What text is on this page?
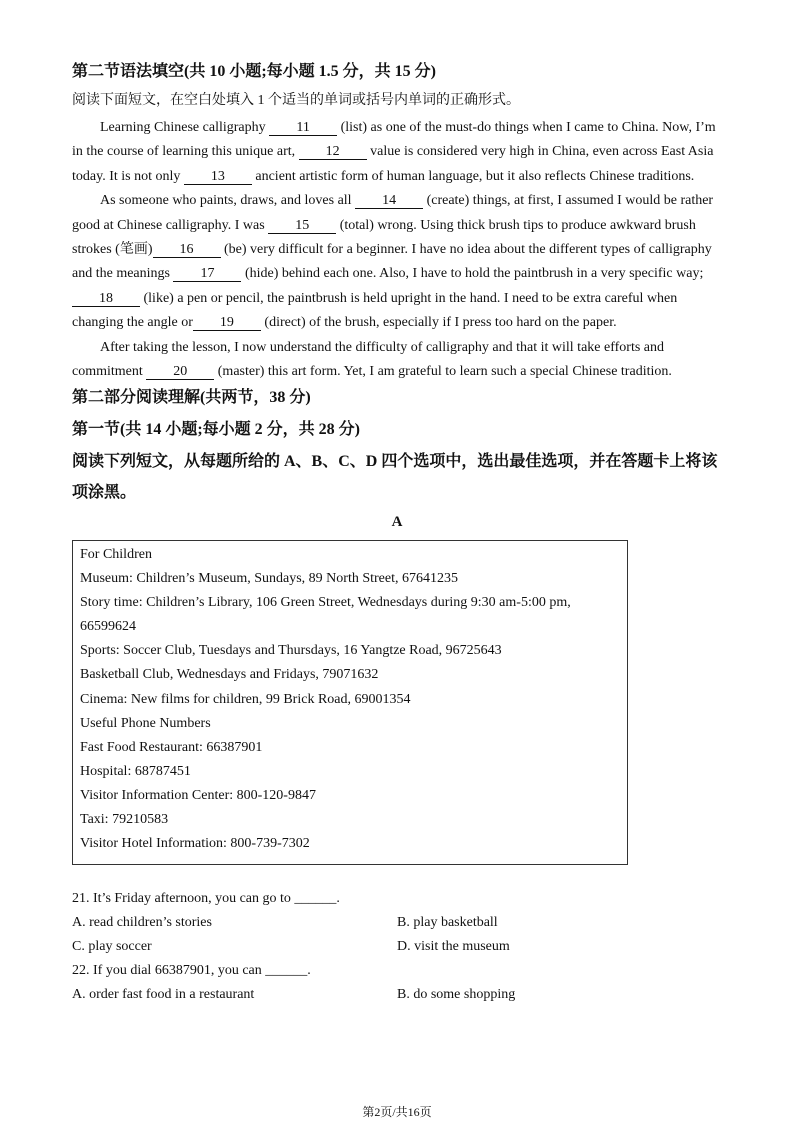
第二节语法填空(共 10 小题;每小题 1.5 分，共 15 分)
阅读下面短文，在空白处填入 1 个适当的单词或括号内单词的正确形式。
Learning Chinese calligraphy 11 (list) as one of the must-do things when I came to China. Now, I’m
in the course of learning this unique art, 12 value is considered very high in China, even across East Asia
today. It is not only 13 ancient artistic form of human language, but it also reflects Chinese traditions.
As someone who paints, draws, and loves all 14 (create) things, at first, I assumed I would be rather
good at Chinese calligraphy. I was 15 (total) wrong. Using thick brush tips to produce awkward brush
strokes (笔画) 16 (be) very difficult for a beginner. I have no idea about the different types of calligraphy
and the meanings 17 (hide) behind each one. Also, I have to hold the paintbrush in a very specific way;
18 (like) a pen or pencil, the paintbrush is held upright in the hand. I need to be extra careful when
changing the angle or 19 (direct) of the brush, especially if I press too hard on the paper.
After taking the lesson, I now understand the difficulty of calligraphy and that it will take efforts and
commitment 20 (master) this art form. Yet, I am grateful to learn such a special Chinese tradition.
第二部分阅读理解(共两节，38 分)
第一节(共 14 小题;每小题 2 分，共 28 分)
阅读下列短文，从每题所给的 A、B、C、D 四个选项中，选出最佳选项，并在答题卡上将该
项涂黑。
A
For Children
Museum: Children’s Museum, Sundays, 89 North Street, 67641235
Story time: Children’s Library, 106 Green Street, Wednesdays during 9:30 am-5:00 pm,
66599624
Sports: Soccer Club, Tuesdays and Thursdays, 16 Yangtze Road, 96725643
Basketball Club, Wednesdays and Fridays, 79071632
Cinema: New films for children, 99 Brick Road, 69001354
Useful Phone Numbers
Fast Food Restaurant: 66387901
Hospital: 68787451
Visitor Information Center: 800-120-9847
Taxi: 79210583
Visitor Hotel Information: 800-739-7302
21. It’s Friday afternoon, you can go to ______.
A. read children’s stories	B. play basketball
C. play soccer	D. visit the museum
22. If you dial 66387901, you can ______.
A. order fast food in a restaurant	B. do some shopping
第2页/共16页
